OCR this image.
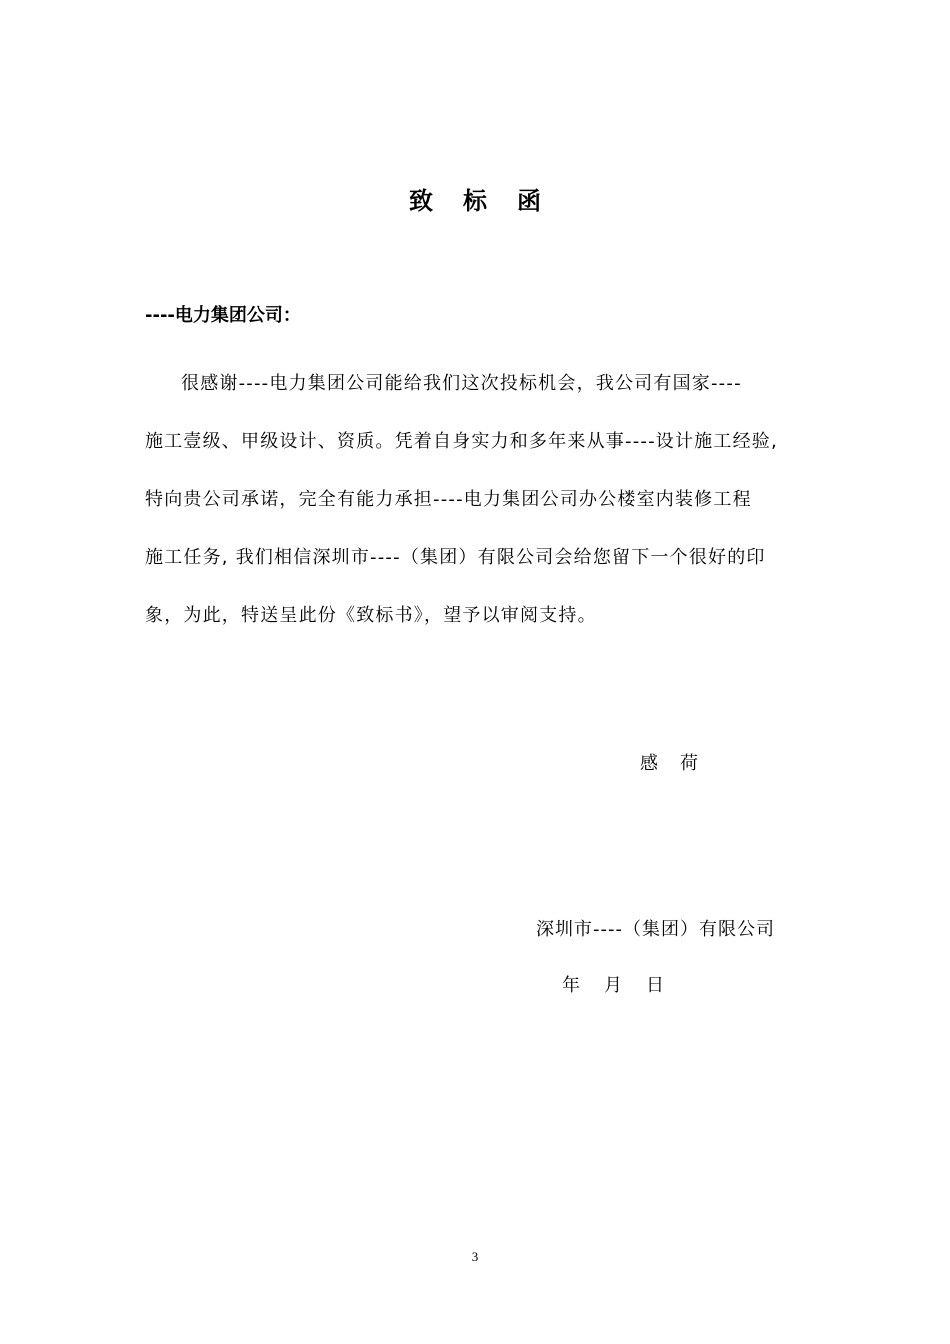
致标函
----电力集团公司：
很感谢----电力集团公司能给我们这次投标机会，我公司有国家----
施工壹级、甲级设计、资质。凭着自身实力和多年来从事----设计施工经验,
特向贵公司承诺，完全有能力承担----电力集团公司办公楼室内装修工程
施工任务, 我们相信深圳市----（集团）有限公司会给您留下一个很好的印
象，为此，特送呈此份《致标书》，望予以审阅支持。
感荷
深圳市----（集团）有限公司
年月日
3
